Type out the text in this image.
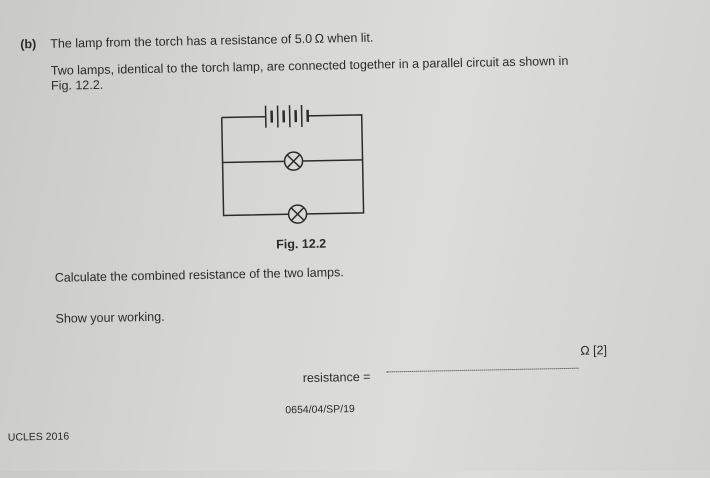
(b) The lamp from the torch has a resistance of 5.0 Ω when lit.
Two lamps, identical to the torch lamp, are connected together in a parallel circuit as shown in
Fig. 12.2.
Fig. 12.2
Calculate the combined resistance of the two lamps.
Show your working.
resistance =
Ω [2]
0654/04/SP/19
UCLES 2016
